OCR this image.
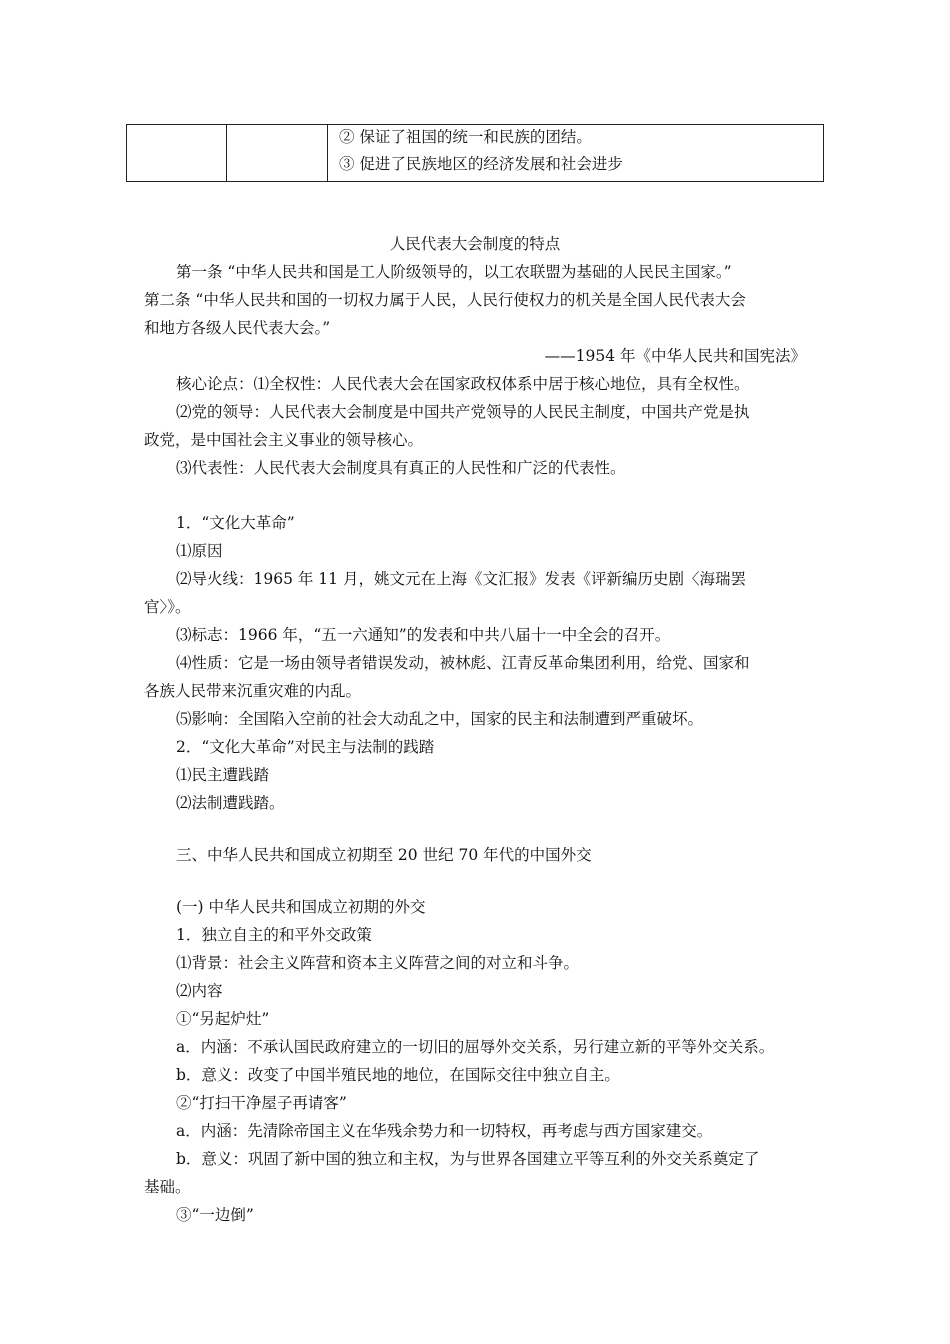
② 保证了祖国的统一和民族的团结。
③ 促进了民族地区的经济发展和社会进步
人民代表大会制度的特点
第一条 “中华人民共和国是工人阶级领导的，以工农联盟为基础的人民民主国家。”
第二条 “中华人民共和国的一切权力属于人民，人民行使权力的机关是全国人民代表大会
和地方各级人民代表大会。”
——1954 年《中华人民共和国宪法》
核心论点：⑴全权性：人民代表大会在国家政权体系中居于核心地位，具有全权性。
⑵党的领导：人民代表大会制度是中国共产党领导的人民民主制度，中国共产党是执
政党，是中国社会主义事业的领导核心。
⑶代表性：人民代表大会制度具有真正的人民性和广泛的代表性。
1．“文化大革命”
⑴原因
⑵导火线：1965 年 11 月，姚文元在上海《文汇报》发表《评新编历史剧〈海瑞罢
官〉》。
⑶标志：1966 年，“五一六通知”的发表和中共八届十一中全会的召开。
⑷性质：它是一场由领导者错误发动，被林彪、江青反革命集团利用，给党、国家和
各族人民带来沉重灾难的内乱。
⑸影响：全国陷入空前的社会大动乱之中，国家的民主和法制遭到严重破坏。
2．“文化大革命”对民主与法制的践踏
⑴民主遭践踏
⑵法制遭践踏。
三、中华人民共和国成立初期至 20 世纪 70 年代的中国外交
(一) 中华人民共和国成立初期的外交
1．独立自主的和平外交政策
⑴背景：社会主义阵营和资本主义阵营之间的对立和斗争。
⑵内容
①“另起炉灶”
a．内涵：不承认国民政府建立的一切旧的屈辱外交关系，另行建立新的平等外交关系。
b．意义：改变了中国半殖民地的地位，在国际交往中独立自主。
②“打扫干净屋子再请客”
a．内涵：先清除帝国主义在华残余势力和一切特权，再考虑与西方国家建交。
b．意义：巩固了新中国的独立和主权，为与世界各国建立平等互利的外交关系奠定了
基础。
③“一边倒”
